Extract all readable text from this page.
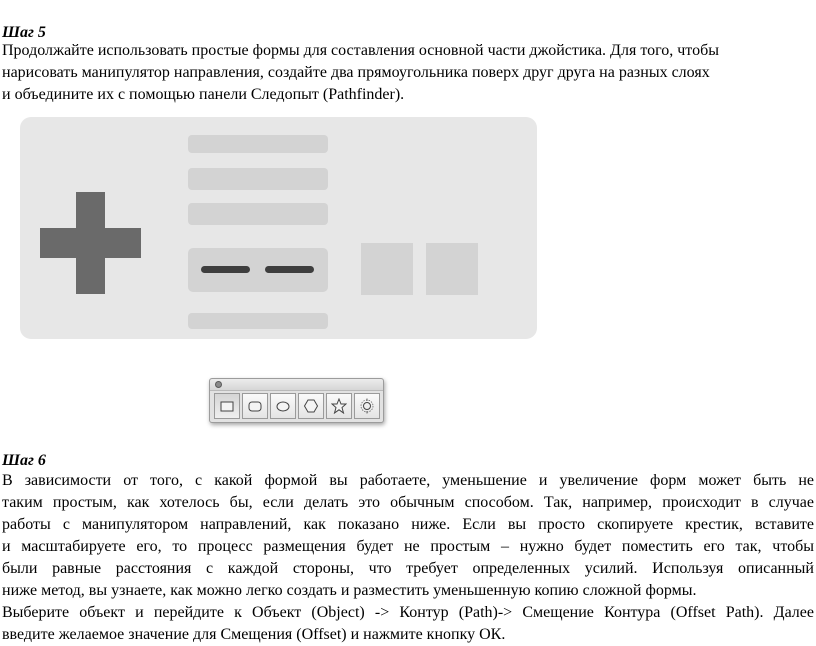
Шаг 5
Продолжайте использовать простые формы для составления основной части джойстика. Для того, чтобы
нарисовать манипулятор направления, создайте два прямоугольника поверх друг друга на разных слоях
и объедините их с помощью панели Следопыт (Pathfinder).
Шаг 6
В зависимости от того, с какой формой вы работаете, уменьшение и увеличение форм может быть не
таким простым, как хотелось бы, если делать это обычным способом. Так, например, происходит в случае
работы с манипулятором направлений, как показано ниже. Если вы просто скопируете крестик, вставите
и масштабируете его, то процесс размещения будет не простым – нужно будет поместить его так, чтобы
были равные расстояния с каждой стороны, что требует определенных усилий. Используя описанный
ниже метод, вы узнаете, как можно легко создать и разместить уменьшенную копию сложной формы.
Выберите объект и перейдите к Объект (Object) -> Контур (Path)-> Смещение Контура (Offset Path). Далее
введите желаемое значение для Смещения (Offset) и нажмите кнопку ОК.
